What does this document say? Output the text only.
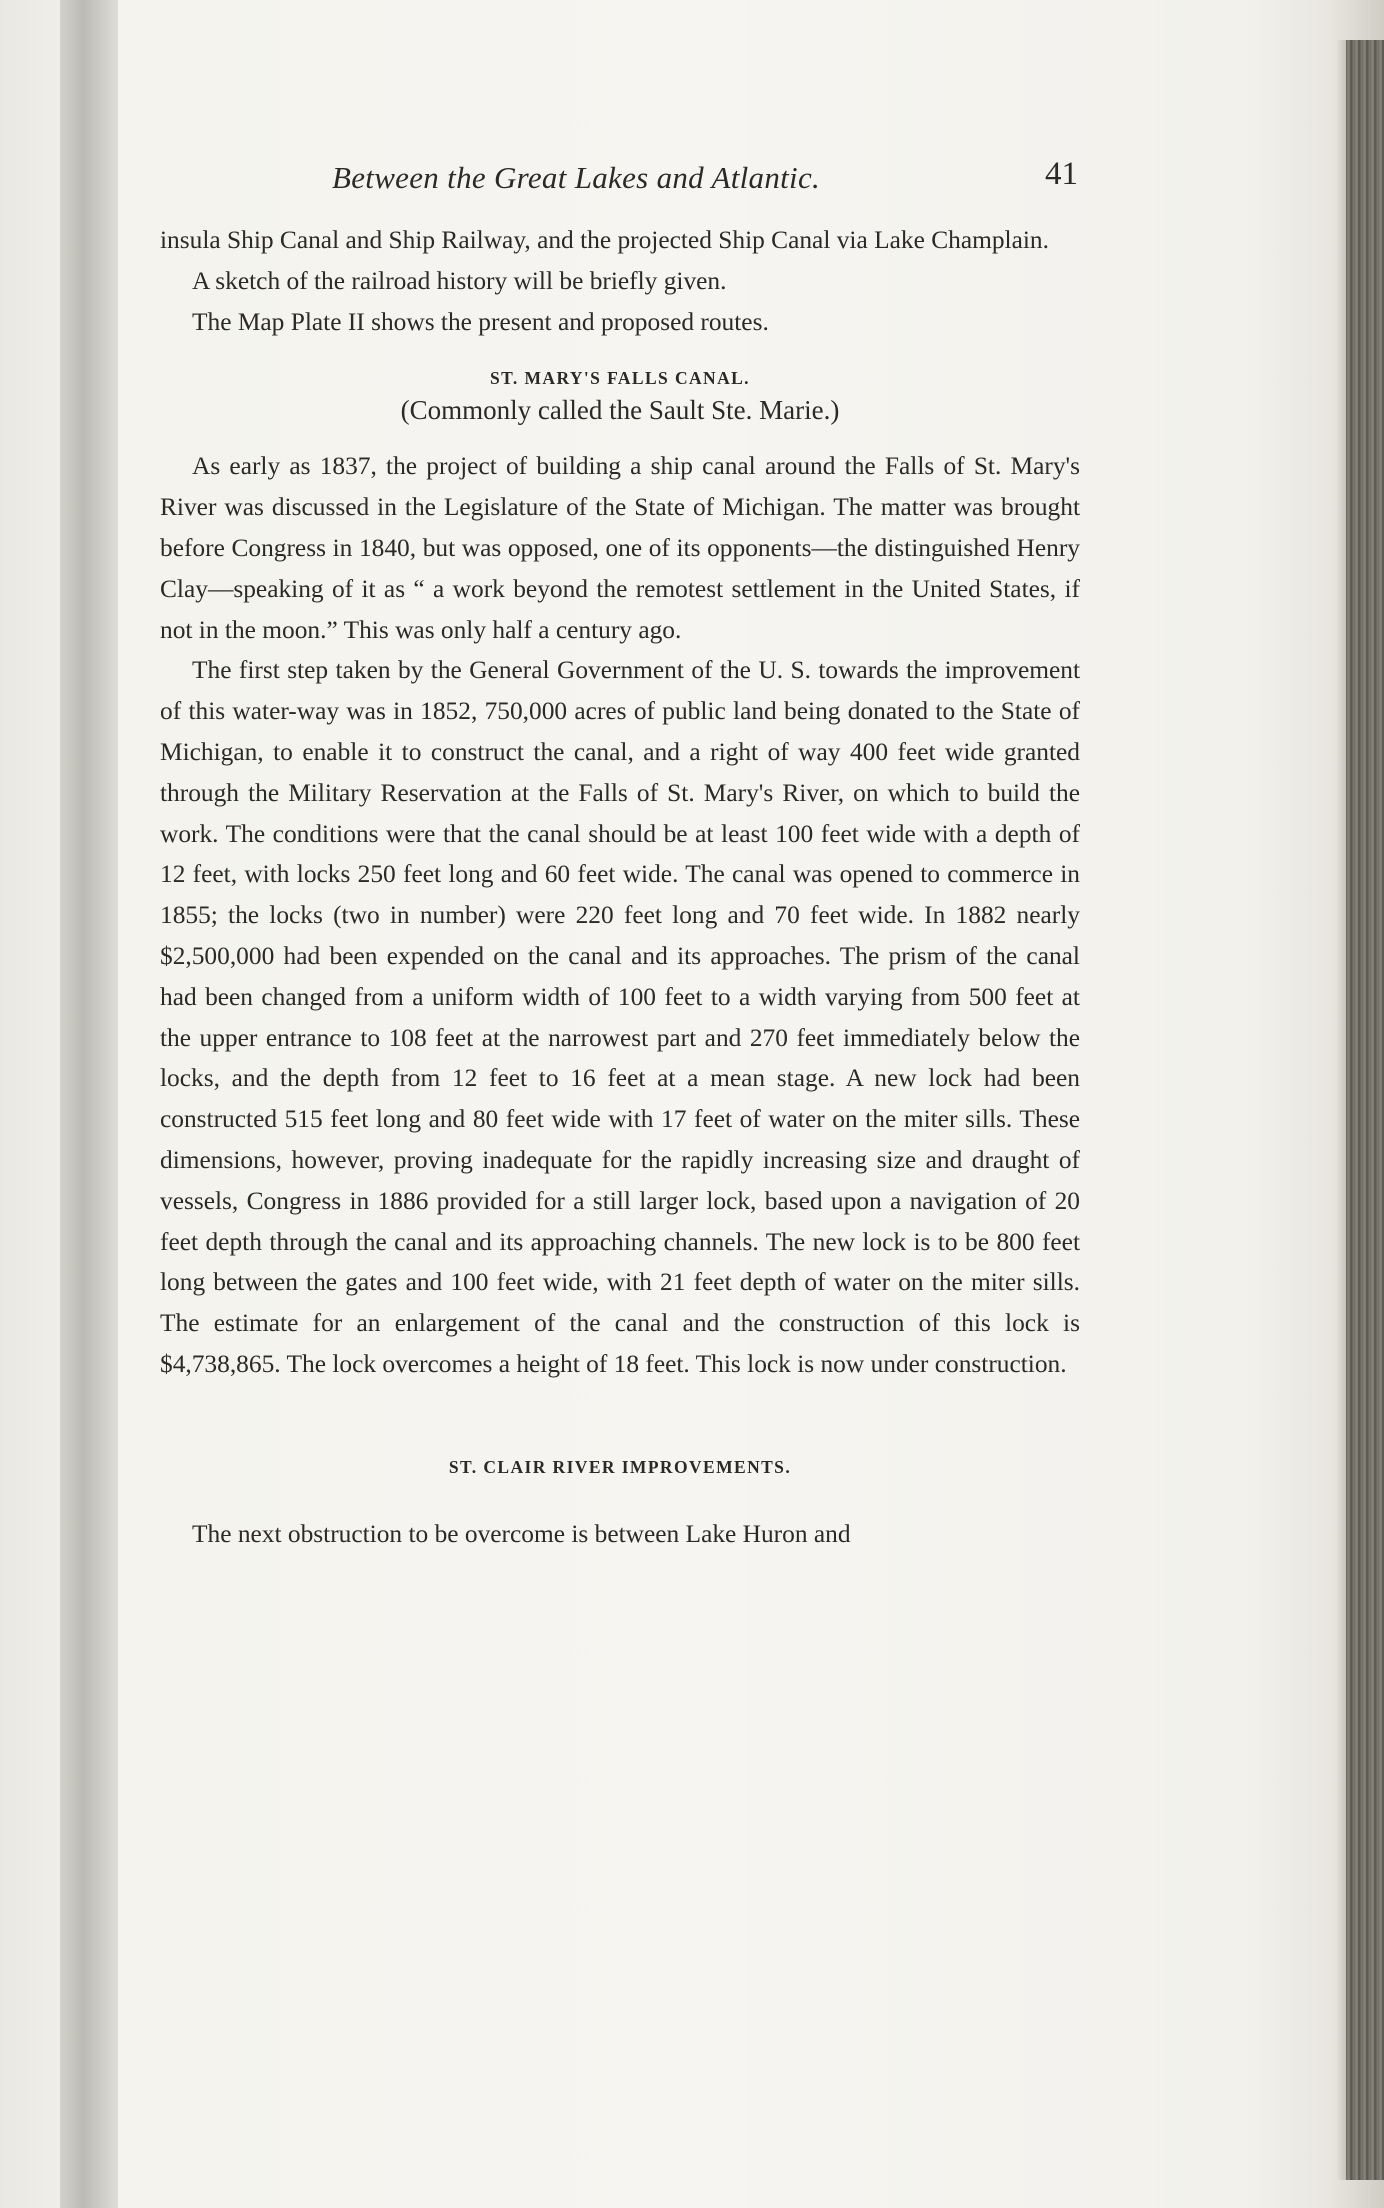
Between the Great Lakes and Atlantic.	41

insula Ship Canal and Ship Railway, and the projected Ship Canal via Lake Champlain.

A sketch of the railroad history will be briefly given.

The Map Plate II shows the present and proposed routes.

ST. MARY'S FALLS CANAL.

(Commonly called the Sault Ste. Marie.)

As early as 1837, the project of building a ship canal around the Falls of St. Mary's River was discussed in the Legislature of the State of Michigan. The matter was brought before Congress in 1840, but was opposed, one of its opponents—the distinguished Henry Clay—speaking of it as “ a work beyond the remotest settlement in the United States, if not in the moon.” This was only half a century ago.

The first step taken by the General Government of the U. S. towards the improvement of this water-way was in 1852, 750,000 acres of public land being donated to the State of Michigan, to enable it to construct the canal, and a right of way 400 feet wide granted through the Military Reservation at the Falls of St. Mary's River, on which to build the work. The conditions were that the canal should be at least 100 feet wide with a depth of 12 feet, with locks 250 feet long and 60 feet wide. The canal was opened to commerce in 1855; the locks (two in number) were 220 feet long and 70 feet wide. In 1882 nearly $2,500,000 had been expended on the canal and its approaches. The prism of the canal had been changed from a uniform width of 100 feet to a width varying from 500 feet at the upper entrance to 108 feet at the narrowest part and 270 feet immediately below the locks, and the depth from 12 feet to 16 feet at a mean stage. A new lock had been constructed 515 feet long and 80 feet wide with 17 feet of water on the miter sills. These dimensions, however, proving inadequate for the rapidly increasing size and draught of vessels, Congress in 1886 provided for a still larger lock, based upon a navigation of 20 feet depth through the canal and its approaching channels. The new lock is to be 800 feet long between the gates and 100 feet wide, with 21 feet depth of water on the miter sills. The estimate for an enlargement of the canal and the construction of this lock is $4,738,865. The lock overcomes a height of 18 feet. This lock is now under construction.

ST. CLAIR RIVER IMPROVEMENTS.

The next obstruction to be overcome is between Lake Huron and
